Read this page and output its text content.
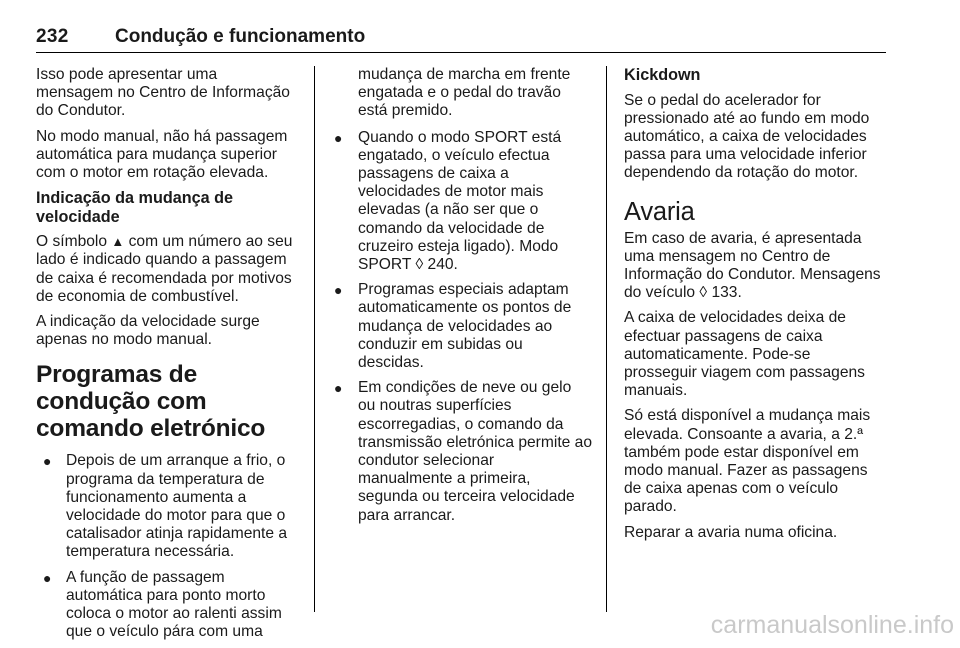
232 Condução e funcionamento

Isso pode apresentar uma mensagem no Centro de Informação do Condutor.

No modo manual, não há passagem automática para mudança superior com o motor em rotação elevada.

Indicação da mudança de velocidade

O símbolo ▲ com um número ao seu lado é indicado quando a passagem de caixa é recomendada por motivos de economia de combustível.

A indicação da velocidade surge apenas no modo manual.

Programas de condução com comando eletrónico
● Depois de um arranque a frio, o programa da temperatura de funcionamento aumenta a velocidade do motor para que o catalisador atinja rapidamente a temperatura necessária.
● A função de passagem automática para ponto morto coloca o motor ao ralenti assim que o veículo pára com uma
mudança de marcha em frente engatada e o pedal do travão está premido.
● Quando o modo SPORT está engatado, o veículo efectua passagens de caixa a velocidades de motor mais elevadas (a não ser que o comando da velocidade de cruzeiro esteja ligado). Modo SPORT ◊ 240.
● Programas especiais adaptam automaticamente os pontos de mudança de velocidades ao conduzir em subidas ou descidas.
● Em condições de neve ou gelo ou noutras superfícies escorregadias, o comando da transmissão eletrónica permite ao condutor selecionar manualmente a primeira, segunda ou terceira velocidade para arrancar.
Kickdown

Se o pedal do acelerador for pressionado até ao fundo em modo automático, a caixa de velocidades passa para uma velocidade inferior dependendo da rotação do motor.

Avaria

Em caso de avaria, é apresentada uma mensagem no Centro de Informação do Condutor. Mensagens do veículo ◊ 133.

A caixa de velocidades deixa de efectuar passagens de caixa automaticamente. Pode-se prosseguir viagem com passagens manuais.

Só está disponível a mudança mais elevada. Consoante a avaria, a 2.ª também pode estar disponível em modo manual. Fazer as passagens de caixa apenas com o veículo parado.

Reparar a avaria numa oficina.

carmanualsonline.info
